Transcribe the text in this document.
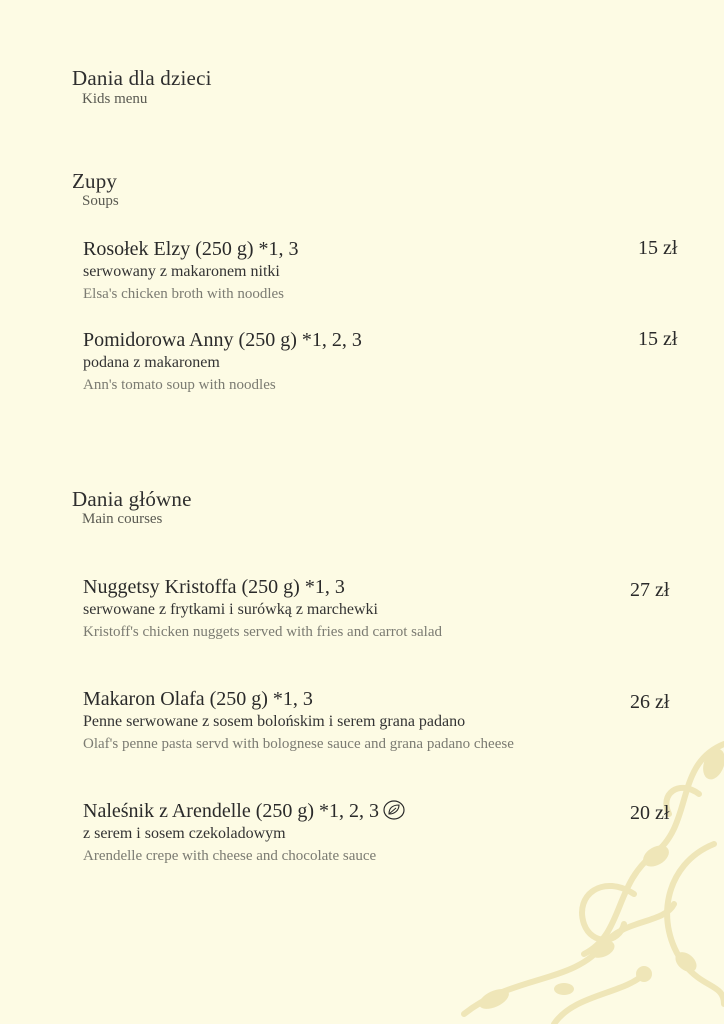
Dania dla dzieci
Kids menu
Zupy
Soups
Rosołek Elzy (250 g) *1, 3
serwowany z makaronem nitki
Elsa's chicken broth with noodles
15 zł
Pomidorowa Anny (250 g) *1, 2, 3
podana z makaronem
Ann's tomato soup with noodles
15 zł
Dania główne
Main courses
Nuggetsy Kristoffa (250 g) *1, 3
serwowane z frytkami i surówką z marchewki
Kristoff's chicken nuggets served with fries and carrot salad
27 zł
Makaron Olafa (250 g) *1, 3
Penne serwowane z sosem bolońskim i serem grana padano
Olaf's penne pasta servd with bolognese sauce and grana padano cheese
26 zł
Naleśnik z Arendelle (250 g) *1, 2, 3
z serem i sosem czekoladowym
Arendelle crepe with cheese and chocolate sauce
20 zł
